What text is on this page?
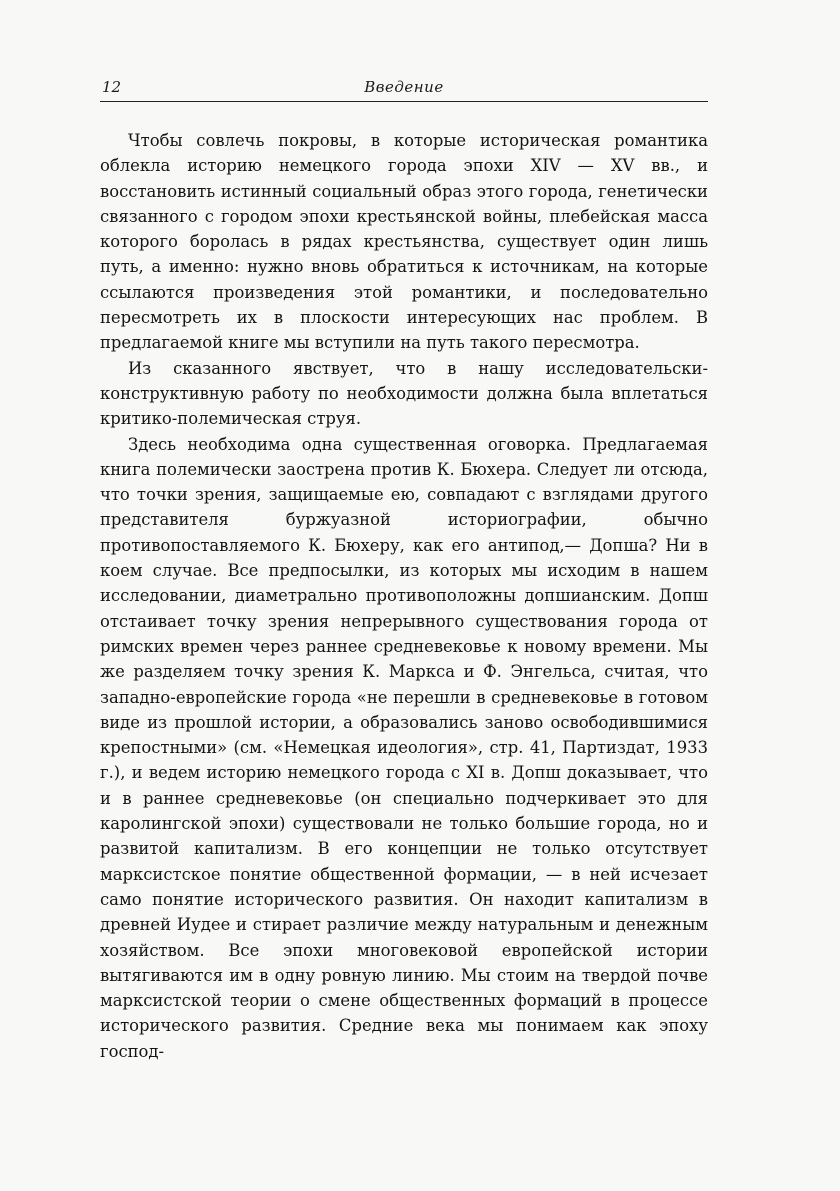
12	Введение

Чтобы совлечь покровы, в которые историческая романтика облекла историю немецкого города эпохи XIV — XV вв., и восстановить истинный социальный образ этого города, генетически связанного с городом эпохи крестьянской войны, плебейская масса которого боролась в рядах крестьянства, существует один лишь путь, а именно: нужно вновь обратиться к источникам, на которые ссылаются произведения этой романтики, и последовательно пересмотреть их в плоскости интересующих нас проблем. В предлагаемой книге мы вступили на путь такого пересмотра.

Из сказанного явствует, что в нашу исследовательски-конструктивную работу по необходимости должна была вплетаться критико-полемическая струя.

Здесь необходима одна существенная оговорка. Предлагаемая книга полемически заострена против К. Бюхера. Следует ли отсюда, что точки зрения, защищаемые ею, совпадают с взглядами другого представителя буржуазной историографии, обычно противопоставляемого К. Бюхеру, как его антипод,— Допша? Ни в коем случае. Все предпосылки, из которых мы исходим в нашем исследовании, диаметрально противоположны допшианским. Допш отстаивает точку зрения непрерывного существования города от римских времен через раннее средневековье к новому времени. Мы же разделяем точку зрения К. Маркса и Ф. Энгельса, считая, что западно-европейские города «не перешли в средневековье в готовом виде из прошлой истории, а образовались заново освободившимися крепостными» (см. «Немецкая идеология», стр. 41, Партиздат, 1933 г.), и ведем историю немецкого города с XI в. Допш доказывает, что и в раннее средневековье (он специально подчеркивает это для каролингской эпохи) существовали не только большие города, но и развитой капитализм. В его концепции не только отсутствует марксистское понятие общественной формации, — в ней исчезает само понятие исторического развития. Он находит капитализм в древней Иудее и стирает различие между натуральным и денежным хозяйством. Все эпохи многовековой европейской истории вытягиваются им в одну ровную линию. Мы стоим на твердой почве марксистской теории о смене общественных формаций в процессе исторического развития. Средние века мы понимаем как эпоху господ-
